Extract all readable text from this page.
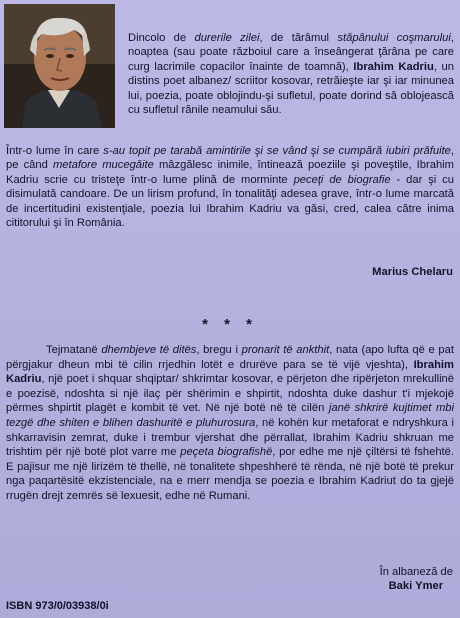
Dincolo de durerile zilei, de tărâmul stăpânului coşmarului, noaptea (sau poate războiul care a înseângerat ţărâna pe care curg lacrimile copacilor înainte de toamnă), Ibrahim Kadriu, un distins poet albanez/ scriitor kosovar, retrăieşte iar şi iar minunea lui, poezia, poate oblojindu-şi sufletul, poate dorind să oblojească cu sufletul rănile neamului său.

Într-o lume în care s-au topit pe tarabă amintirile şi se vând şi se cumpără iubiri prăfuite, pe când metafore mucegăite mâzgălesc inimile, întinează poeziile şi poveştile, Ibrahim Kadriu scrie cu tristeţe într-o lume plină de morminte peceţi de biografie - dar şi cu disimulată candoare. De un lirism profund, în tonalităţi adesea grave, într-o lume marcată de incertitudini existenţiale, poezia lui Ibrahim Kadriu va găsi, cred, calea către inima cititorului şi în România.

Marius Chelaru

* * *

Tejmatanë dhembjeve të ditës, bregu i pronarit të ankthit, nata (apo lufta që e pat përgjakur dheun mbi të cilin rrjedhin lotët e drurëve para se të vijë vjeshta), Ibrahim Kadriu, një poet i shquar shqiptar/ shkrimtar kosovar, e përjeton dhe ripërjeton mrekullinë e poezisë, ndoshta si një ilaç për shërimin e shpirtit, ndoshta duke dashur t'i mjekojë përmes shpirtit plagët e kombit të vet. Në një botë në të cilën janë shkrirë kujtimet mbi tezgë dhe shiten e blihen dashuritë e pluhurosura, në kohën kur metaforat e ndryshkura i shkarravisin zemrat, duke i trembur vjershat dhe përrallat, Ibrahim Kadriu shkruan me trishtim për një botë plot varre me peçeta biografishë, por edhe me një çiltërsi të fshehtë. E pajisur me një lirizëm të thellë, në tonalitete shpeshherë të rënda, në një botë të prekur nga paqartësitë ekzistenciale, na e merr mendja se poezia e Ibrahim Kadriut do ta gjejë rrugën drejt zemrës së lexuesit, edhe në Rumani.

În albaneză de
Baki Ymer

ISBN 973/0/03938/0i
